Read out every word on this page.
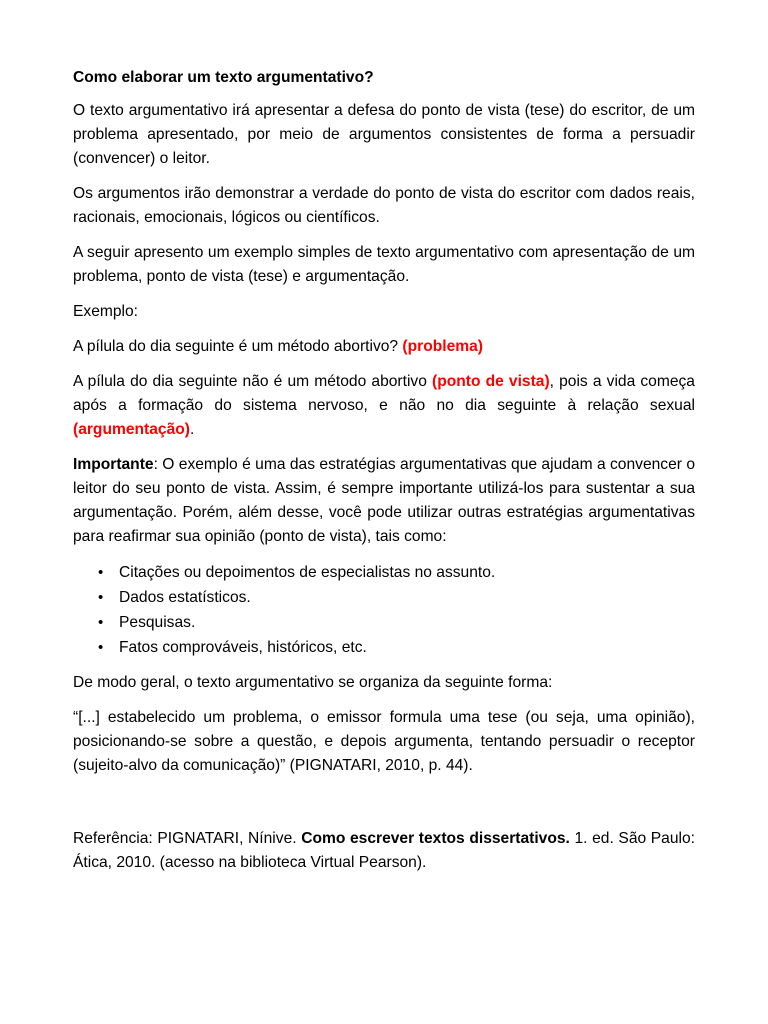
Como elaborar um texto argumentativo?

O texto argumentativo irá apresentar a defesa do ponto de vista (tese) do escritor, de um problema apresentado, por meio de argumentos consistentes de forma a persuadir (convencer) o leitor.

Os argumentos irão demonstrar a verdade do ponto de vista do escritor com dados reais, racionais, emocionais, lógicos ou científicos.

A seguir apresento um exemplo simples de texto argumentativo com apresentação de um problema, ponto de vista (tese) e argumentação.

Exemplo:

A pílula do dia seguinte é um método abortivo? (problema)

A pílula do dia seguinte não é um método abortivo (ponto de vista), pois a vida começa após a formação do sistema nervoso, e não no dia seguinte à relação sexual (argumentação).

Importante: O exemplo é uma das estratégias argumentativas que ajudam a convencer o leitor do seu ponto de vista. Assim, é sempre importante utilizá-los para sustentar a sua argumentação. Porém, além desse, você pode utilizar outras estratégias argumentativas para reafirmar sua opinião (ponto de vista), tais como:

• Citações ou depoimentos de especialistas no assunto.
• Dados estatísticos.
• Pesquisas.
• Fatos comprováveis, históricos, etc.

De modo geral, o texto argumentativo se organiza da seguinte forma:

“[...] estabelecido um problema, o emissor formula uma tese (ou seja, uma opinião), posicionando-se sobre a questão, e depois argumenta, tentando persuadir o receptor (sujeito-alvo da comunicação)” (PIGNATARI, 2010, p. 44).

Referência: PIGNATARI, Nínive. Como escrever textos dissertativos. 1. ed. São Paulo: Ática, 2010. (acesso na biblioteca Virtual Pearson).
